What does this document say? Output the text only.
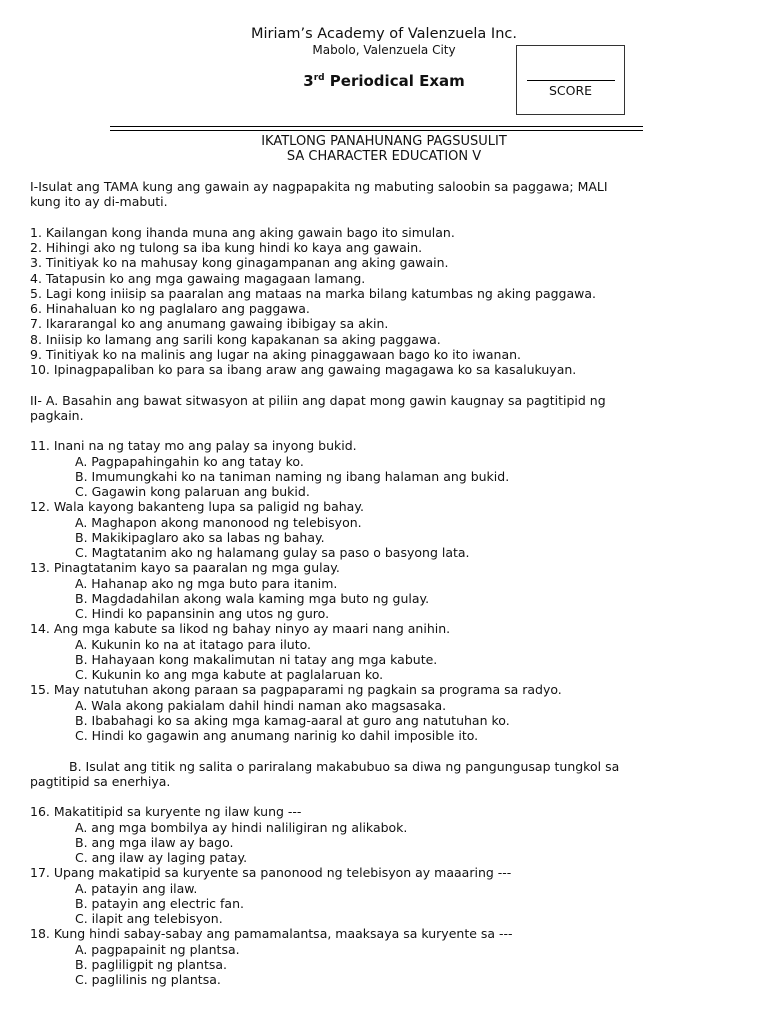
Miriam’s Academy of Valenzuela Inc.
Mabolo, Valenzuela City
3rd Periodical Exam
SCORE
IKATLONG PANAHUNANG PAGSUSULIT
SA CHARACTER EDUCATION V

I-Isulat ang TAMA kung ang gawain ay nagpapakita ng mabuting saloobin sa paggawa; MALI

kung ito ay di-mabuti.

1. Kailangan kong ihanda muna ang aking gawain bago ito simulan.

2. Hihingi ako ng tulong sa iba kung hindi ko kaya ang gawain.

3. Tinitiyak ko na mahusay kong ginagampanan ang aking gawain.

4. Tatapusin ko ang mga gawaing magagaan lamang.

5. Lagi kong iniisip sa paaralan ang mataas na marka bilang katumbas ng aking paggawa.

6. Hinahaluan ko ng paglalaro ang paggawa.

7. Ikararangal ko ang anumang gawaing ibibigay sa akin.

8. Iniisip ko lamang ang sarili kong kapakanan sa aking paggawa.

9. Tinitiyak ko na malinis ang lugar na aking pinaggawaan bago ko ito iwanan.

10. Ipinagpapaliban ko para sa ibang araw ang gawaing magagawa ko sa kasalukuyan.

II- A. Basahin ang bawat sitwasyon at piliin ang dapat mong gawin kaugnay sa pagtitipid ng

pagkain.

11. Inani na ng tatay mo ang palay sa inyong bukid.

A. Pagpapahingahin ko ang tatay ko.

B. Imumungkahi ko na taniman naming ng ibang halaman ang bukid.

C. Gagawin kong palaruan ang bukid.

12. Wala kayong bakanteng lupa sa paligid ng bahay.

A. Maghapon akong manonood ng telebisyon.

B. Makikipaglaro ako sa labas ng bahay.

C. Magtatanim ako ng halamang gulay sa paso o basyong lata.

13. Pinagtatanim kayo sa paaralan ng mga gulay.

A. Hahanap ako ng mga buto para itanim.

B. Magdadahilan akong wala kaming mga buto ng gulay.

C. Hindi ko papansinin ang utos ng guro.

14. Ang mga kabute sa likod ng bahay ninyo ay maari nang anihin.

A. Kukunin ko na at itatago para iluto.

B. Hahayaan kong makalimutan ni tatay ang mga kabute.

C. Kukunin ko ang mga kabute at paglalaruan ko.

15. May natutuhan akong paraan sa pagpaparami ng pagkain sa programa sa radyo.

A. Wala akong pakialam dahil hindi naman ako magsasaka.

B. Ibabahagi ko sa aking mga kamag-aaral at guro ang natutuhan ko.

C. Hindi ko gagawin ang anumang narinig ko dahil imposible ito.

B. Isulat ang titik ng salita o pariralang makabubuo sa diwa ng pangungusap tungkol sa

pagtitipid sa enerhiya.

16. Makatitipid sa kuryente ng ilaw kung ---

A. ang mga bombilya ay hindi naliligiran ng alikabok.

B. ang mga ilaw ay bago.

C. ang ilaw ay laging patay.

17. Upang makatipid sa kuryente sa panonood ng telebisyon ay maaaring ---

A. patayin ang ilaw.

B. patayin ang electric fan.

C. ilapit ang telebisyon.

18. Kung hindi sabay-sabay ang pamamalantsa, maaksaya sa kuryente sa ---

A. pagpapainit ng plantsa.

B. pagliligpit ng plantsa.

C. paglilinis ng plantsa.
